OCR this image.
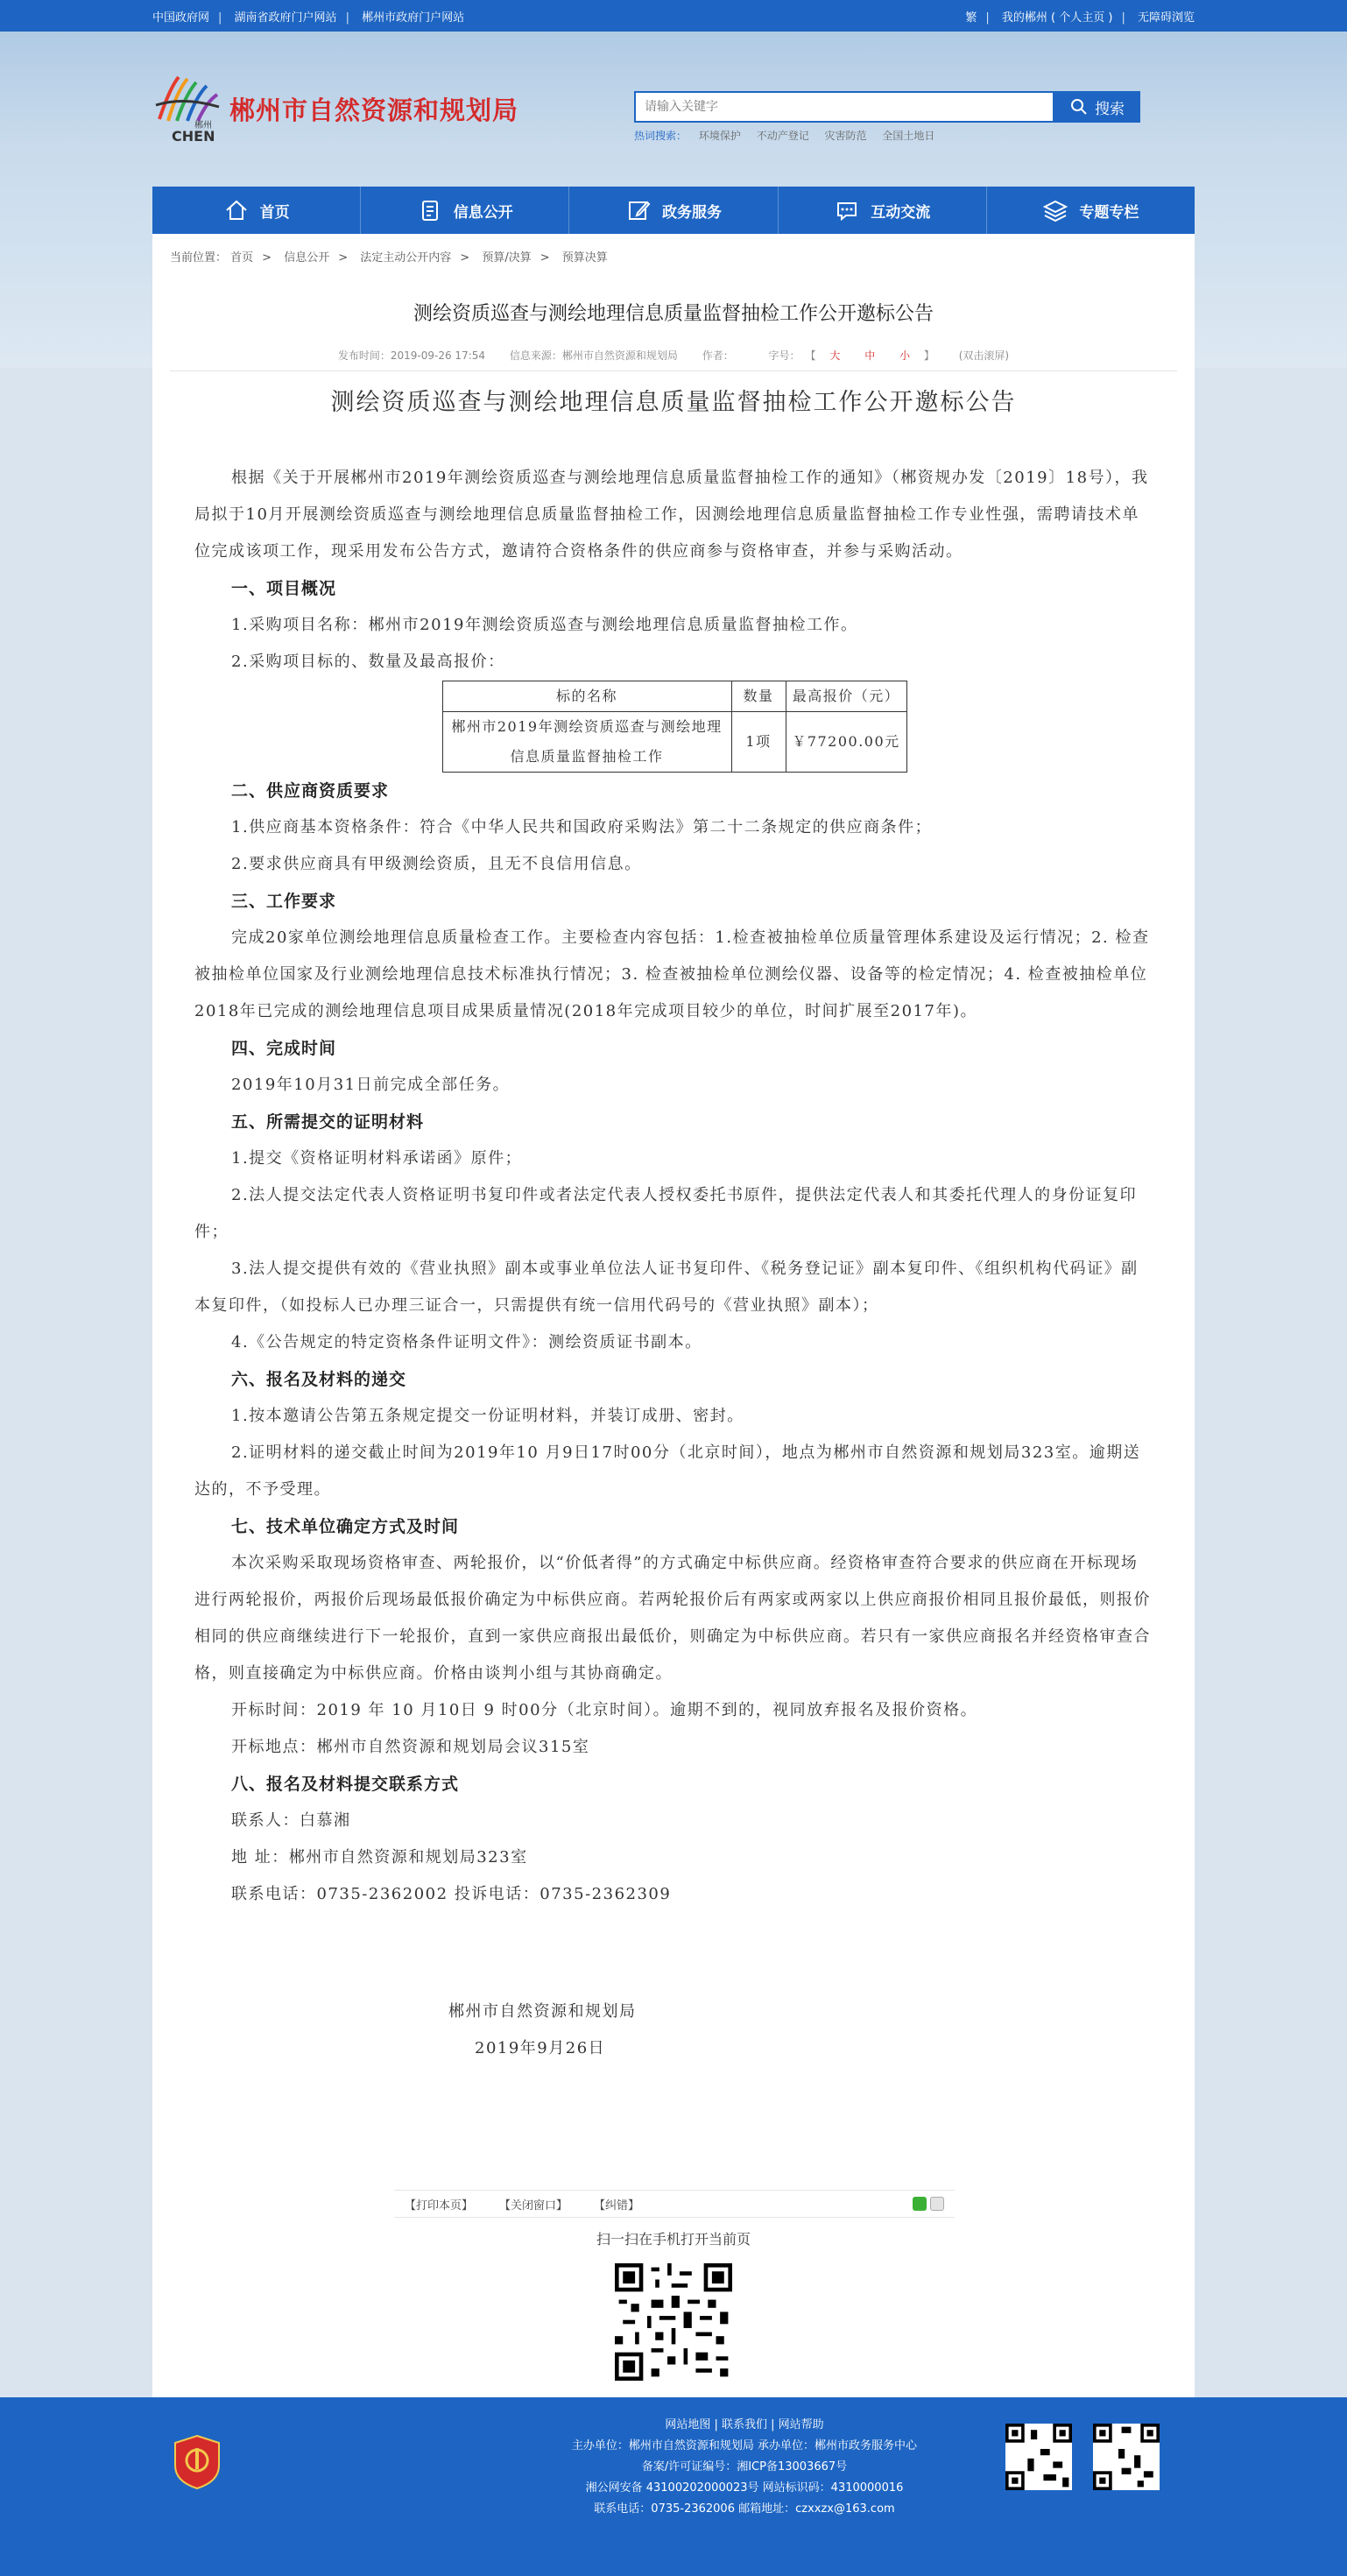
中国政府网 | 湖南省政府门户网站 | 郴州市政府门户网站	繁 | 我的郴州 ( 个人主页 ) | 无障碍浏览
郴州
CHEN
郴州市自然资源和规划局
请输入关键字	搜索
热词搜索： 环境保护 不动产登记 灾害防范 全国土地日
首页	信息公开	政务服务	互动交流	专题专栏
当前位置： 首页 > 信息公开 > 法定主动公开内容 > 预算/决算 > 预算决算
测绘资质巡查与测绘地理信息质量监督抽检工作公开邀标公告
发布时间：2019-09-26 17:54 信息来源：郴州市自然资源和规划局 作者：	字号： 【 大 中 小 】 (双击滚屏)
测绘资质巡查与测绘地理信息质量监督抽检工作公开邀标公告

根据《关于开展郴州市2019年测绘资质巡查与测绘地理信息质量监督抽检工作的通知》（郴资规办发〔2019〕18号），我局拟于10月开展测绘资质巡查与测绘地理信息质量监督抽检工作，因测绘地理信息质量监督抽检工作专业性强，需聘请技术单位完成该项工作，现采用发布公告方式，邀请符合资格条件的供应商参与资格审查，并参与采购活动。

一、项目概况

1.采购项目名称：郴州市2019年测绘资质巡查与测绘地理信息质量监督抽检工作。

2.采购项目标的、数量及最高报价：

标的名称	数量	最高报价（元）
郴州市2019年测绘资质巡查与测绘地理信息质量监督抽检工作	1项	￥77200.00元
二、供应商资质要求

1.供应商基本资格条件：符合《中华人民共和国政府采购法》第二十二条规定的供应商条件；

2.要求供应商具有甲级测绘资质，且无不良信用信息。

三、工作要求

完成20家单位测绘地理信息质量检查工作。主要检查内容包括：1.检查被抽检单位质量管理体系建设及运行情况；2. 检查被抽检单位国家及行业测绘地理信息技术标准执行情况；3. 检查被抽检单位测绘仪器、设备等的检定情况；4. 检查被抽检单位2018年已完成的测绘地理信息项目成果质量情况(2018年完成项目较少的单位，时间扩展至2017年)。

四、完成时间

2019年10月31日前完成全部任务。

五、所需提交的证明材料

1.提交《资格证明材料承诺函》原件；

2.法人提交法定代表人资格证明书复印件或者法定代表人授权委托书原件，提供法定代表人和其委托代理人的身份证复印件；

3.法人提交提供有效的《营业执照》副本或事业单位法人证书复印件、《税务登记证》副本复印件、《组织机构代码证》副本复印件，（如投标人已办理三证合一，只需提供有统一信用代码号的《营业执照》副本）；

4.《公告规定的特定资格条件证明文件》：测绘资质证书副本。

六、报名及材料的递交

1.按本邀请公告第五条规定提交一份证明材料，并装订成册、密封。

2.证明材料的递交截止时间为2019年10 月9日17时00分（北京时间），地点为郴州市自然资源和规划局323室。逾期送达的，不予受理。

七、技术单位确定方式及时间

本次采购采取现场资格审查、两轮报价，以“价低者得”的方式确定中标供应商。经资格审查符合要求的供应商在开标现场进行两轮报价，两报价后现场最低报价确定为中标供应商。若两轮报价后有两家或两家以上供应商报价相同且报价最低，则报价相同的供应商继续进行下一轮报价，直到一家供应商报出最低价，则确定为中标供应商。若只有一家供应商报名并经资格审查合格，则直接确定为中标供应商。价格由谈判小组与其协商确定。

开标时间：2019 年 10 月10日 9 时00分（北京时间）。逾期不到的，视同放弃报名及报价资格。

开标地点：郴州市自然资源和规划局会议315室

八、报名及材料提交联系方式

联系人：白慕湘

地 址：郴州市自然资源和规划局323室

联系电话：0735-2362002 投诉电话：0735-2362309

郴州市自然资源和规划局
2019年9月26日
【打印本页】 【关闭窗口】 【纠错】
扫一扫在手机打开当前页
网站地图 | 联系我们 | 网站帮助
主办单位：郴州市自然资源和规划局 承办单位：郴州市政务服务中心
备案/许可证编号：湘ICP备13003667号
湘公网安备 43100202000023号 网站标识码：4310000016
联系电话：0735-2362006 邮箱地址：czxxzx@163.com
